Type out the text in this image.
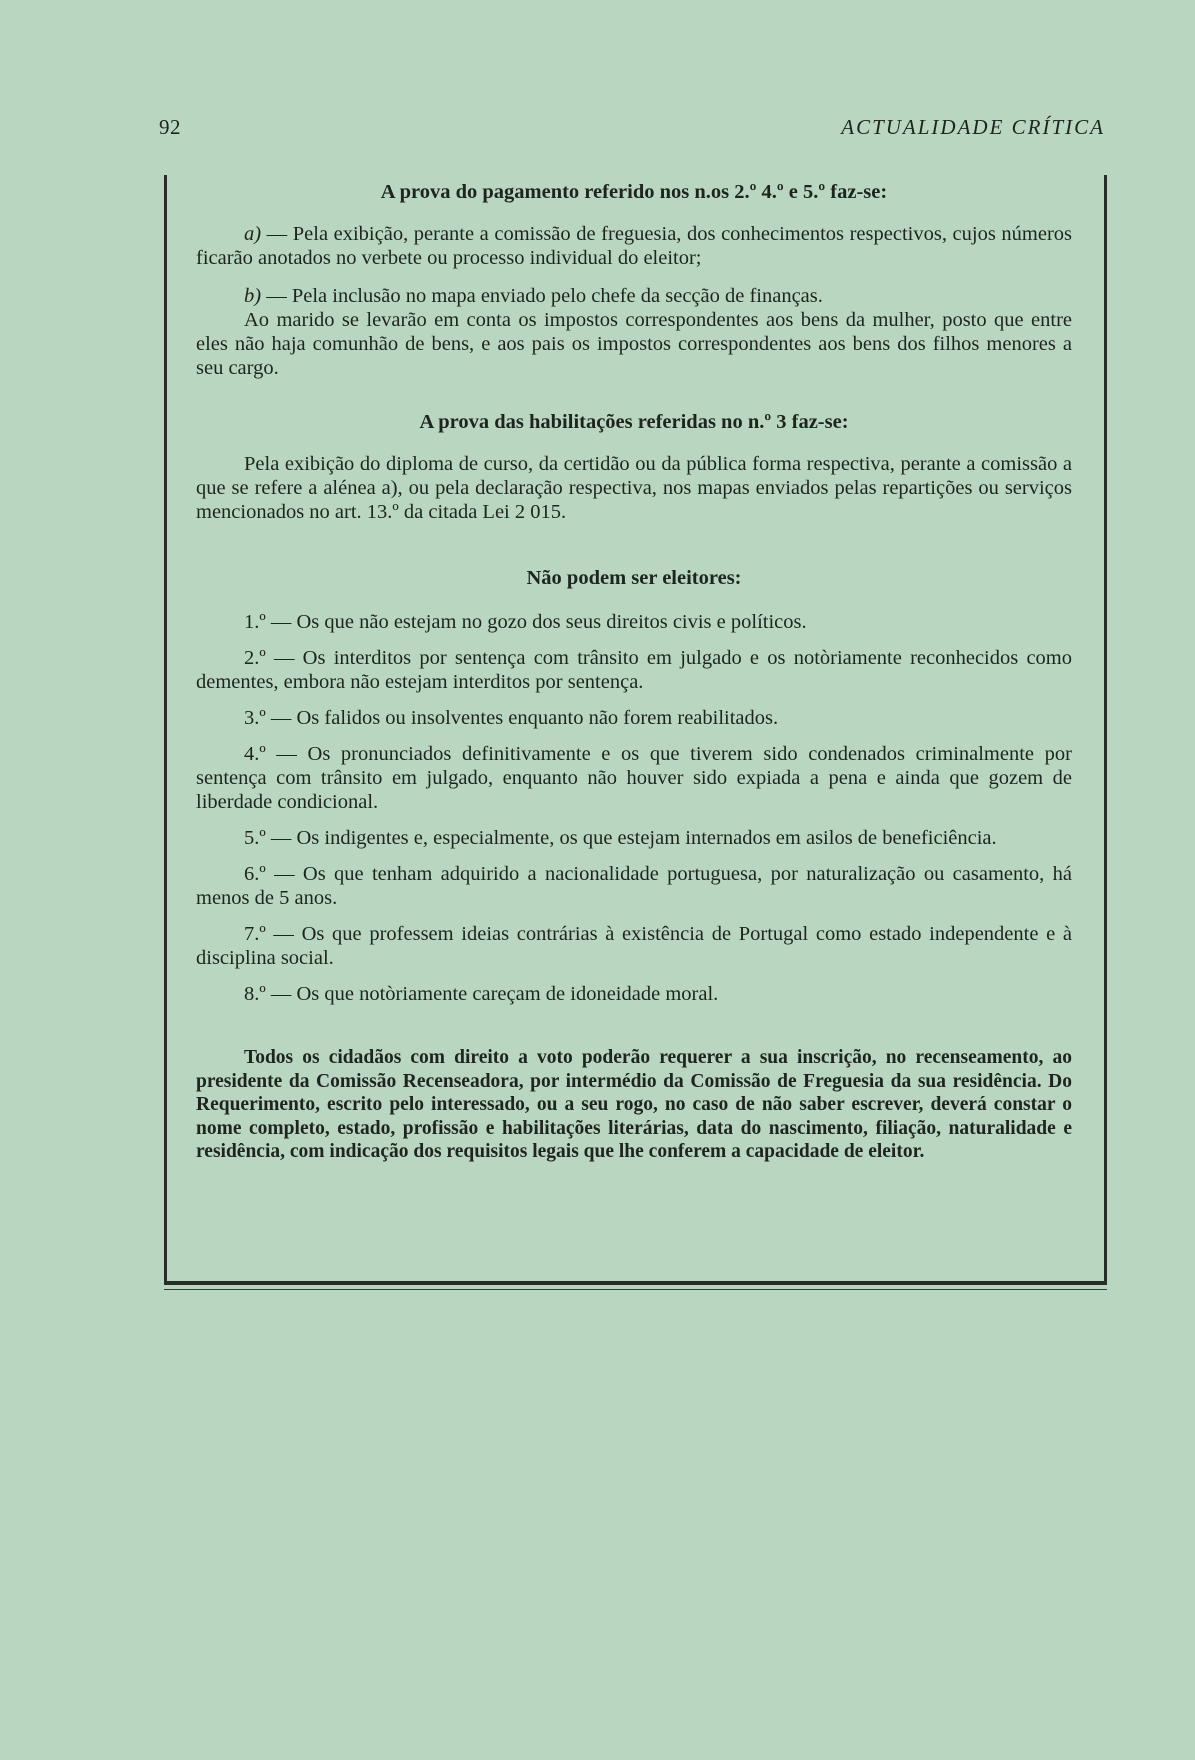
92	ACTUALIDADE CRÍTICA

A prova do pagamento referido nos n.os 2.º 4.º e 5.º faz-se:

a) — Pela exibição, perante a comissão de freguesia, dos conhecimentos respectivos, cujos números ficarão anotados no verbete ou processo individual do eleitor;

b) — Pela inclusão no mapa enviado pelo chefe da secção de finanças.

Ao marido se levarão em conta os impostos correspondentes aos bens da mulher, posto que entre eles não haja comunhão de bens, e aos pais os impostos correspondentes aos bens dos filhos menores a seu cargo.

A prova das habilitações referidas no n.º 3 faz-se:

Pela exibição do diploma de curso, da certidão ou da pública forma respectiva, perante a comissão a que se refere a alénea a), ou pela declaração respectiva, nos mapas enviados pelas repartições ou serviços mencionados no art. 13.º da citada Lei 2 015.

Não podem ser eleitores:

1.º — Os que não estejam no gozo dos seus direitos civis e políticos.

2.º — Os interditos por sentença com trânsito em julgado e os notòriamente reconhecidos como dementes, embora não estejam interditos por sentença.

3.º — Os falidos ou insolventes enquanto não forem reabilitados.

4.º — Os pronunciados definitivamente e os que tiverem sido condenados criminalmente por sentença com trânsito em julgado, enquanto não houver sido expiada a pena e ainda que gozem de liberdade condicional.

5.º — Os indigentes e, especialmente, os que estejam internados em asilos de beneficiência.

6.º — Os que tenham adquirido a nacionalidade portuguesa, por naturalização ou casamento, há menos de 5 anos.

7.º — Os que professem ideias contrárias à existência de Portugal como estado independente e à disciplina social.

8.º — Os que notòriamente careçam de idoneidade moral.

Todos os cidadãos com direito a voto poderão requerer a sua inscrição, no recenseamento, ao presidente da Comissão Recenseadora, por intermédio da Comissão de Freguesia da sua residência. Do Requerimento, escrito pelo interessado, ou a seu rogo, no caso de não saber escrever, deverá constar o nome completo, estado, profissão e habilitações literárias, data do nascimento, filiação, naturalidade e residência, com indicação dos requisitos legais que lhe conferem a capacidade de eleitor.
